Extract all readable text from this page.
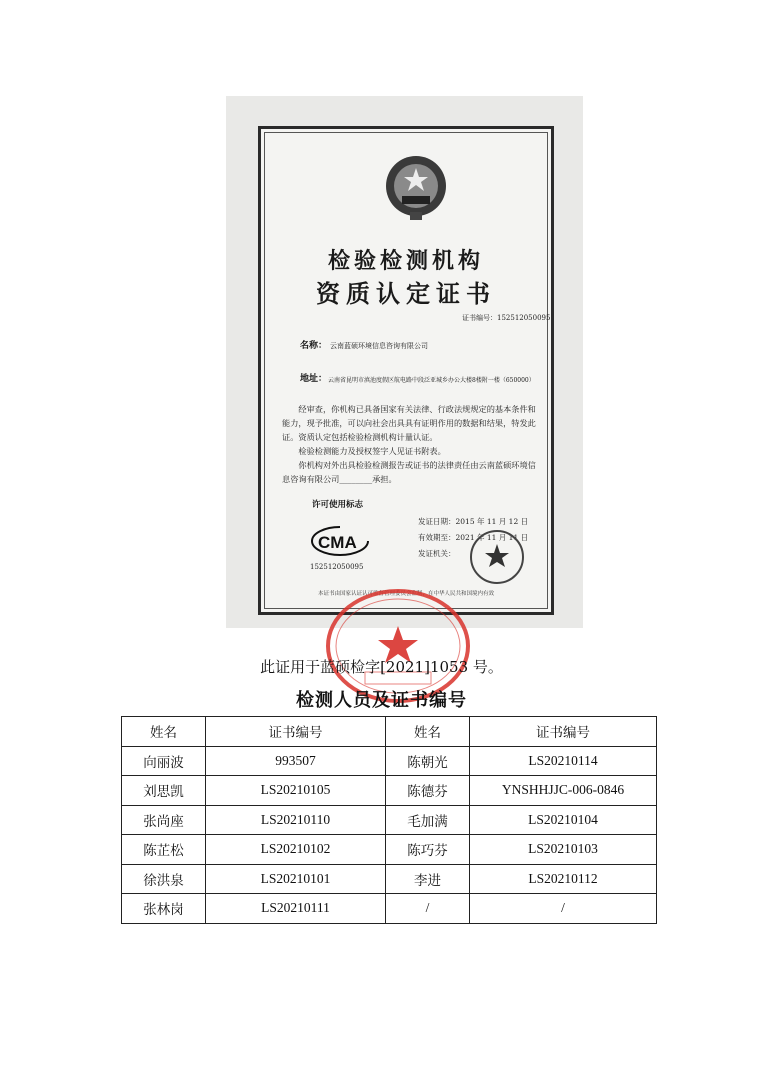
检验检测机构
资质认定证书
证书编号：152512050095
名称： 云南蓝硕环境信息咨询有限公司
地址： 云南省昆明市滇池度假区航电路中段泛亚城乡办公大楼8楼附一楼（650000）

经审查，你机构已具备国家有关法律、行政法规规定的基本条件和能力，现予批准，可以向社会出具具有证明作用的数据和结果，特发此证。资质认定包括检验检测机构计量认证。

检验检测能力及授权签字人见证书附表。

你机构对外出具检验检测报告或证书的法律责任由云南蓝硕环境信息咨询有限公司________承担。

许可使用标志
CMA
152512050095
发证日期：2015 年 11 月 12 日
有效期至：2021 年 11 月 11 日
发证机关：
本证书由国家认证认可监督管理委员会监制，在中华人民共和国境内有效
此证用于蓝硕检字[2021]1053 号。
检测人员及证书编号
姓名	证书编号	姓名	证书编号
向丽波	993507	陈朝光	LS20210114
刘思凯	LS20210105	陈德芬	YNSHHJJC-006-0846
张尚座	LS20210110	毛加满	LS20210104
陈芷松	LS20210102	陈巧芬	LS20210103
徐洪泉	LS20210101	李进	LS20210112
张林岗	LS20210111	/	/
